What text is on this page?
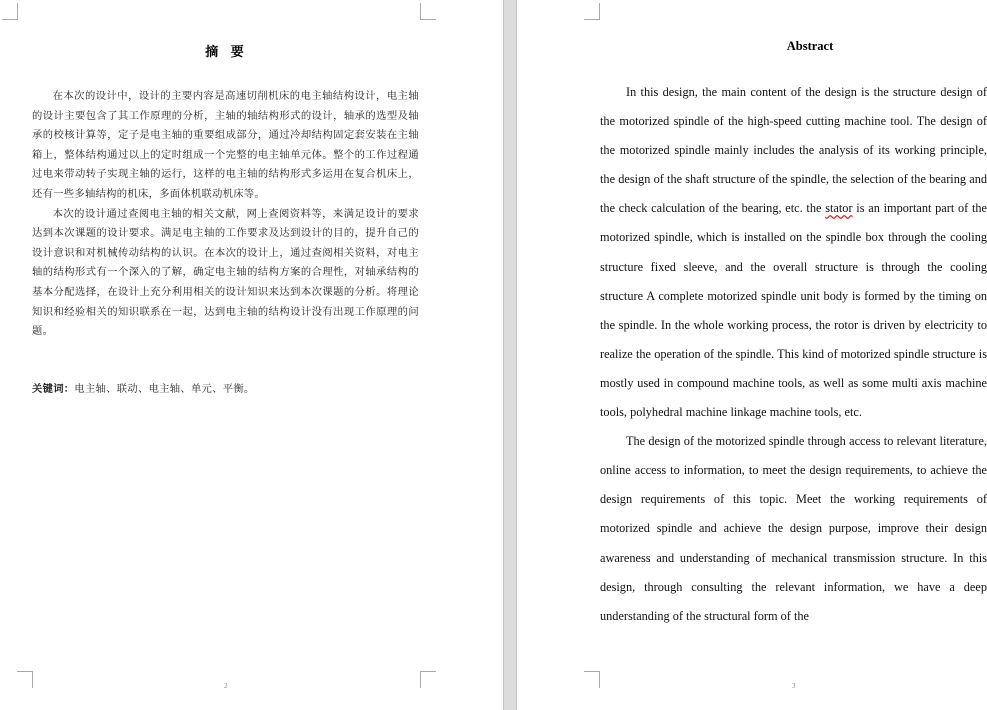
摘 要

在本次的设计中，设计的主要内容是高速切削机床的电主轴结构设计，电主轴的设计主要包含了其工作原理的分析，主轴的轴结构形式的设计，轴承的选型及轴承的校核计算等，定子是电主轴的重要组成部分，通过冷却结构固定套安装在主轴箱上，整体结构通过以上的定时组成一个完整的电主轴单元体。整个的工作过程通过电来带动转子实现主轴的运行，这样的电主轴的结构形式多运用在复合机床上，还有一些多轴结构的机床，多面体机联动机床等。

本次的设计通过查阅电主轴的相关文献，网上查阅资料等，来满足设计的要求达到本次课题的设计要求。满足电主轴的工作要求及达到设计的目的，提升自己的设计意识和对机械传动结构的认识。在本次的设计上，通过查阅相关资料，对电主轴的结构形式有一个深入的了解，确定电主轴的结构方案的合理性，对轴承结构的基本分配选择，在设计上充分利用相关的设计知识来达到本次课题的分析。将理论知识和经验相关的知识联系在一起，达到电主轴的结构设计没有出现工作原理的问题。

关键词：电主轴、联动、电主轴、单元、平衡。
2
Abstract

In this design, the main content of the design is the structure design of the motorized spindle of the high-speed cutting machine tool. The design of the motorized spindle mainly includes the analysis of its working principle, the design of the shaft structure of the spindle, the selection of the bearing and the check calculation of the bearing, etc. the stator is an important part of the motorized spindle, which is installed on the spindle box through the cooling structure fixed sleeve, and the overall structure is through the cooling structure A complete motorized spindle unit body is formed by the timing on the spindle. In the whole working process, the rotor is driven by electricity to realize the operation of the spindle. This kind of motorized spindle structure is mostly used in compound machine tools, as well as some multi axis machine tools, polyhedral machine linkage machine tools, etc.

The design of the motorized spindle through access to relevant literature, online access to information, to meet the design requirements, to achieve the design requirements of this topic. Meet the working requirements of motorized spindle and achieve the design purpose, improve their design awareness and understanding of mechanical transmission structure. In this design, through consulting the relevant information, we have a deep understanding of the structural form of the

3
